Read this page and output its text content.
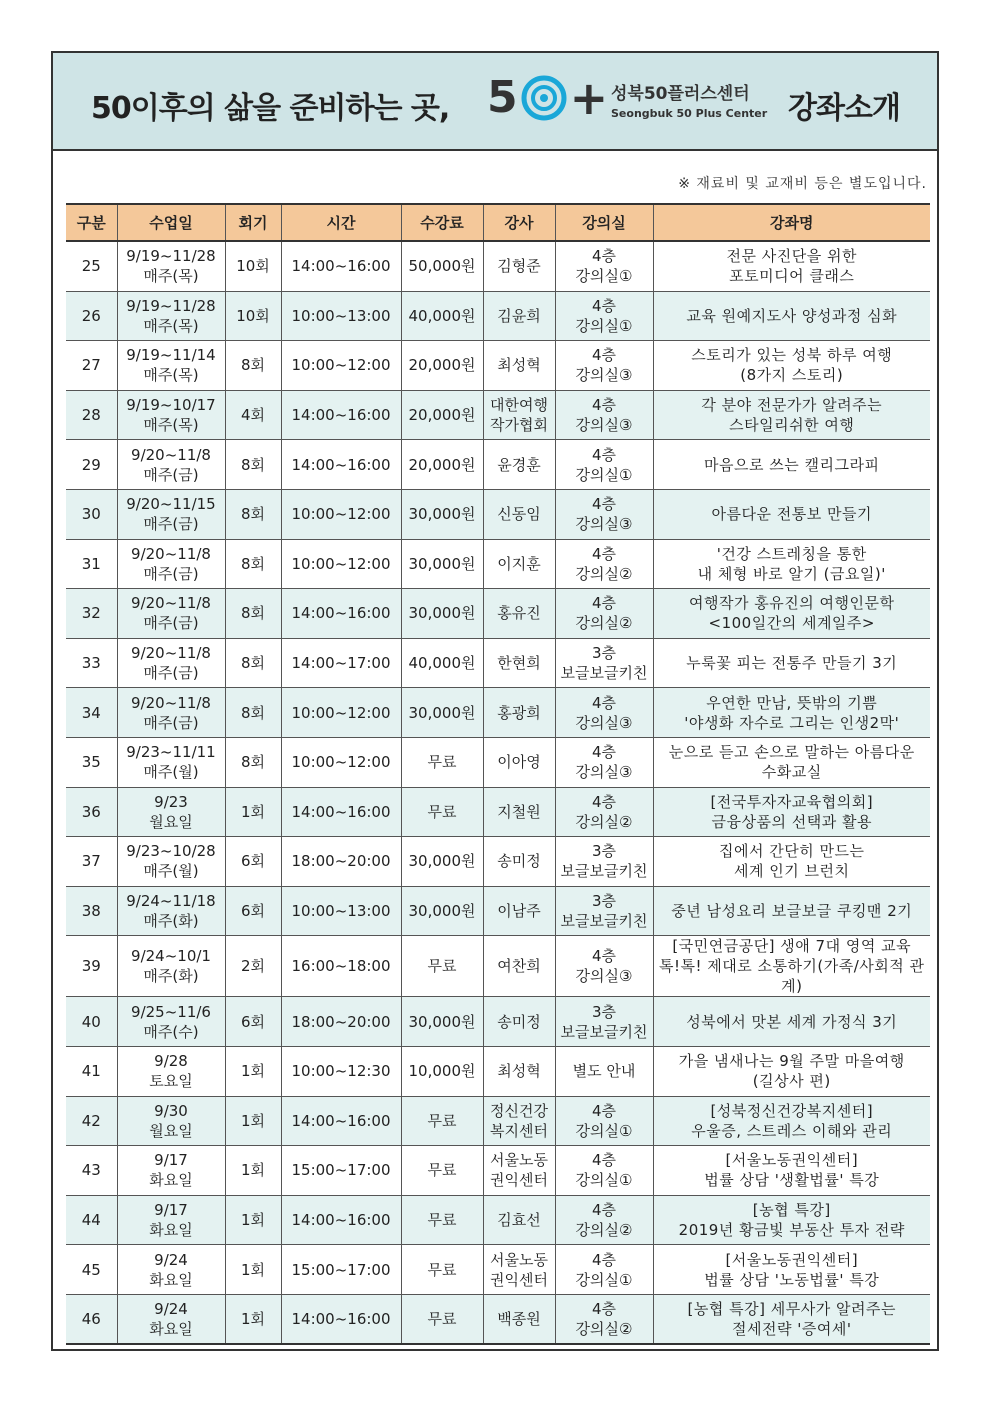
50이후의 삶을 준비하는 곳, 5 + 성북50플러스센터
Seongbuk 50 Plus Center 강좌소개
※ 재료비 및 교재비 등은 별도입니다.
구분	수업일	회기	시간	수강료	강사	강의실	강좌명
25	9/19~11/28
매주(목)	10회	14:00~16:00	50,000원	김형준	4층
강의실①	전문 사진단을 위한
포토미디어 클래스
26	9/19~11/28
매주(목)	10회	10:00~13:00	40,000원	김윤희	4층
강의실①	교육 원예지도사 양성과정 심화
27	9/19~11/14
매주(목)	8회	10:00~12:00	20,000원	최성혁	4층
강의실③	스토리가 있는 성북 하루 여행
(8가지 스토리)
28	9/19~10/17
매주(목)	4회	14:00~16:00	20,000원	대한여행
작가협회	4층
강의실③	각 분야 전문가가 알려주는
스타일리쉬한 여행
29	9/20~11/8
매주(금)	8회	14:00~16:00	20,000원	윤경훈	4층
강의실①	마음으로 쓰는 캘리그라피
30	9/20~11/15
매주(금)	8회	10:00~12:00	30,000원	신동임	4층
강의실③	아름다운 전통보 만들기
31	9/20~11/8
매주(금)	8회	10:00~12:00	30,000원	이지훈	4층
강의실②	'건강 스트레칭을 통한
내 체형 바로 알기 (금요일)'
32	9/20~11/8
매주(금)	8회	14:00~16:00	30,000원	홍유진	4층
강의실②	여행작가 홍유진의 여행인문학
<100일간의 세계일주>
33	9/20~11/8
매주(금)	8회	14:00~17:00	40,000원	한현희	3층
보글보글키친	누룩꽃 피는 전통주 만들기 3기
34	9/20~11/8
매주(금)	8회	10:00~12:00	30,000원	홍광희	4층
강의실③	우연한 만남, 뜻밖의 기쁨
'야생화 자수로 그리는 인생2막'
35	9/23~11/11
매주(월)	8회	10:00~12:00	무료	이아영	4층
강의실③	눈으로 듣고 손으로 말하는 아름다운
수화교실
36	9/23
월요일	1회	14:00~16:00	무료	지철원	4층
강의실②	[전국투자자교육협의회]
금융상품의 선택과 활용
37	9/23~10/28
매주(월)	6회	18:00~20:00	30,000원	송미정	3층
보글보글키친	집에서 간단히 만드는
세계 인기 브런치
38	9/24~11/18
매주(화)	6회	10:00~13:00	30,000원	이남주	3층
보글보글키친	중년 남성요리 보글보글 쿠킹맨 2기
39	9/24~10/1
매주(화)	2회	16:00~18:00	무료	여찬희	4층
강의실③	[국민연금공단] 생애 7대 영역 교육
톡!톡! 제대로 소통하기(가족/사회적 관계)
40	9/25~11/6
매주(수)	6회	18:00~20:00	30,000원	송미정	3층
보글보글키친	성북에서 맛본 세계 가정식 3기
41	9/28
토요일	1회	10:00~12:30	10,000원	최성혁	별도 안내	가을 냄새나는 9월 주말 마을여행
(길상사 편)
42	9/30
월요일	1회	14:00~16:00	무료	정신건강
복지센터	4층
강의실①	[성북정신건강복지센터]
우울증, 스트레스 이해와 관리
43	9/17
화요일	1회	15:00~17:00	무료	서울노동
권익센터	4층
강의실①	[서울노동권익센터]
법률 상담 '생활법률' 특강
44	9/17
화요일	1회	14:00~16:00	무료	김효선	4층
강의실②	[농협 특강]
2019년 황금빛 부동산 투자 전략
45	9/24
화요일	1회	15:00~17:00	무료	서울노동
권익센터	4층
강의실①	[서울노동권익센터]
법률 상담 '노동법률' 특강
46	9/24
화요일	1회	14:00~16:00	무료	백종원	4층
강의실②	[농협 특강] 세무사가 알려주는
절세전략 '증여세'
